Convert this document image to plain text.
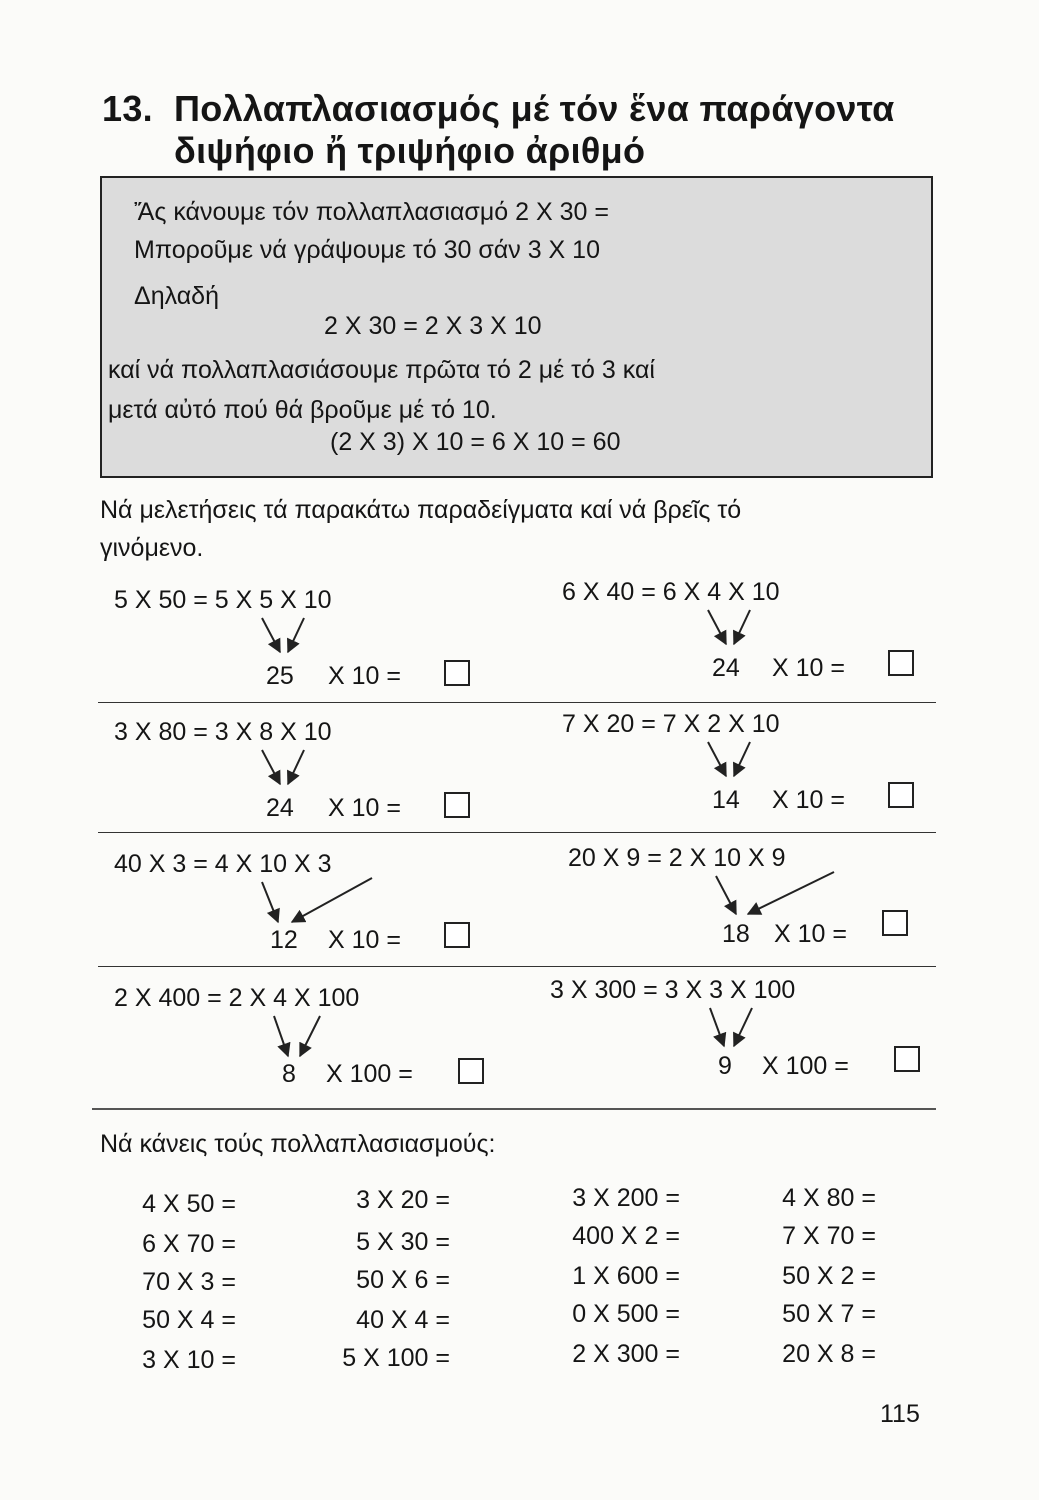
13. Πολλαπλασιασμός μέ τόν ἕνα παράγοντα
διψήφιο ἤ τριψήφιο ἀριθμό
Ἄς κάνουμε τόν πολλαπλασιασμό 2 X 30 =
Μποροῦμε νά γράψουμε τό 30 σάν 3 X 10
Δηλαδή
2 X 30 = 2 X 3 X 10
καί νά πολλαπλασιάσουμε πρῶτα τό 2 μέ τό 3 καί
μετά αὐτό πού θά βροῦμε μέ τό 10.
(2 X 3) X 10 = 6 X 10 = 60
Νά μελετήσεις τά παρακάτω παραδείγματα καί νά βρεῖς τό
γινόμενο.
5 X 50 = 5 X 5 X 10
25 X 10 =
6 X 40 = 6 X 4 X 10
24 X 10 =
3 X 80 = 3 X 8 X 10
24 X 10 =
7 X 20 = 7 X 2 X 10
14 X 10 =
40 X 3 = 4 X 10 X 3
12 X 10 =
20 X 9 = 2 X 10 X 9
18 X 10 =
2 X 400 = 2 X 4 X 100
8 X 100 =
3 X 300 = 3 X 3 X 100
9 X 100 =
Νά κάνεις τούς πολλαπλασιασμούς:
4 X 50 =
6 X 70 =
70 X 3 =
50 X 4 =
3 X 10 =
3 X 20 =
5 X 30 =
50 X 6 =
40 X 4 =
5 X 100 =
3 X 200 =
400 X 2 =
1 X 600 =
0 X 500 =
2 X 300 =
4 X 80 =
7 X 70 =
50 X 2 =
50 X 7 =
20 X 8 =
115
